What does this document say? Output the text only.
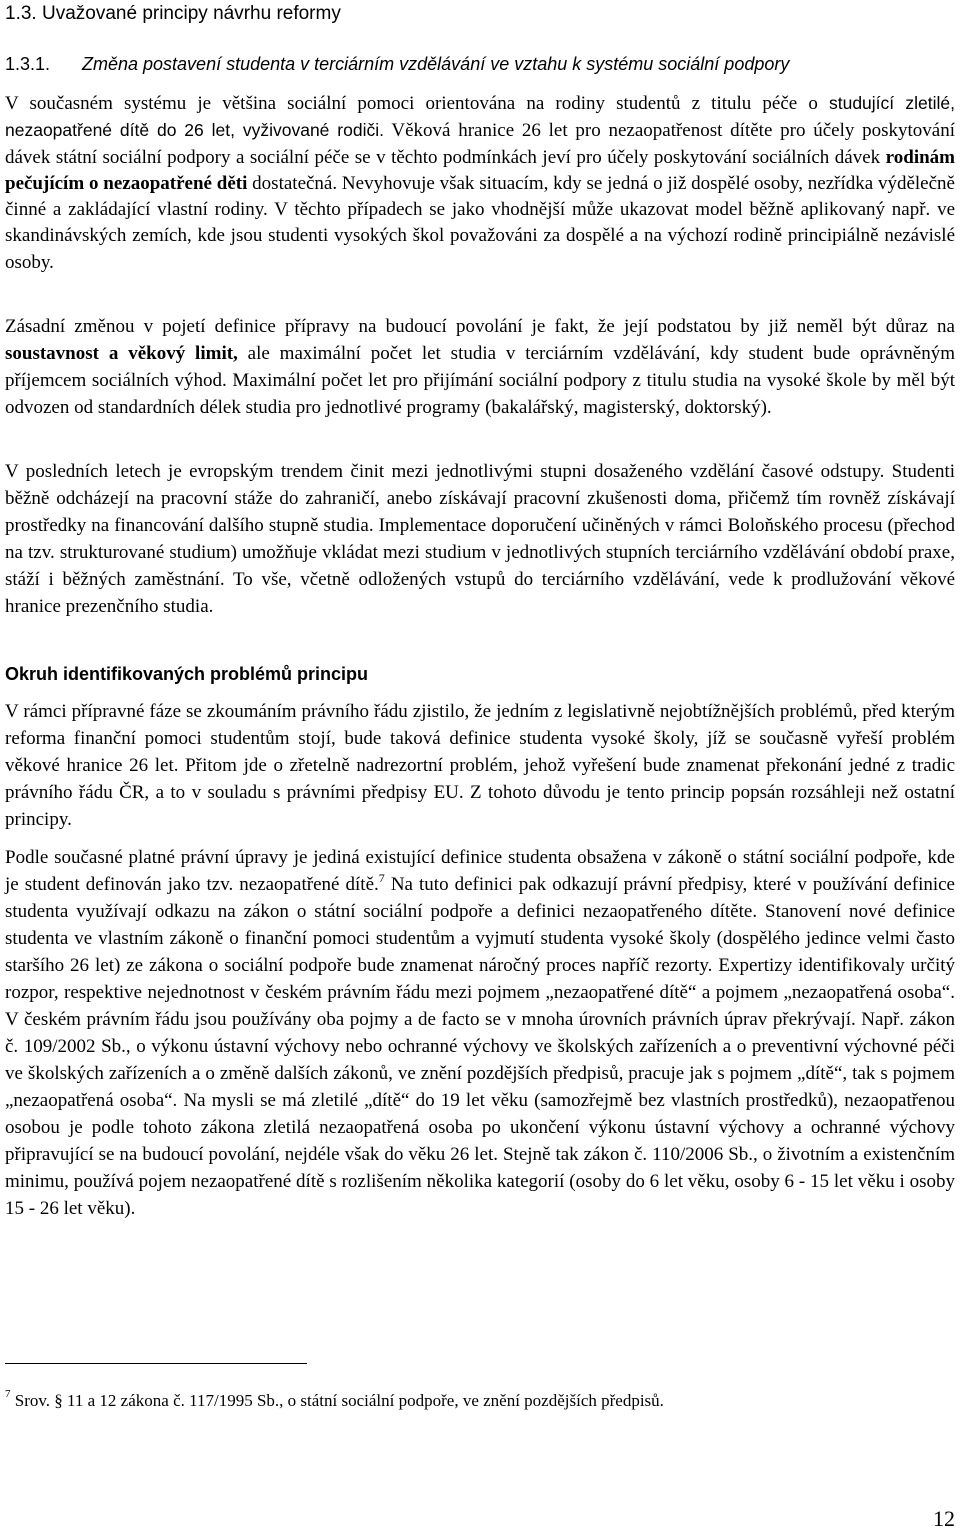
1.3. Uvažované principy návrhu reformy
1.3.1. Změna postavení studenta v terciárním vzdělávání ve vztahu k systému sociální podpory

V současném systému je většina sociální pomoci orientována na rodiny studentů z titulu péče o studující zletilé, nezaopatřené dítě do 26 let, vyživované rodiči. Věková hranice 26 let pro nezaopatřenost dítěte pro účely poskytování dávek státní sociální podpory a sociální péče se v těchto podmínkách jeví pro účely poskytování sociálních dávek rodinám pečujícím o nezaopatřené děti dostatečná. Nevyhovuje však situacím, kdy se jedná o již dospělé osoby, nezřídka výdělečně činné a zakládající vlastní rodiny. V těchto případech se jako vhodnější může ukazovat model běžně aplikovaný např. ve skandinávských zemích, kde jsou studenti vysokých škol považováni za dospělé a na výchozí rodině principiálně nezávislé osoby.

Zásadní změnou v pojetí definice přípravy na budoucí povolání je fakt, že její podstatou by již neměl být důraz na soustavnost a věkový limit, ale maximální počet let studia v terciárním vzdělávání, kdy student bude oprávněným příjemcem sociálních výhod. Maximální počet let pro přijímání sociální podpory z titulu studia na vysoké škole by měl být odvozen od standardních délek studia pro jednotlivé programy (bakalářský, magisterský, doktorský).

V posledních letech je evropským trendem činit mezi jednotlivými stupni dosaženého vzdělání časové odstupy. Studenti běžně odcházejí na pracovní stáže do zahraničí, anebo získávají pracovní zkušenosti doma, přičemž tím rovněž získávají prostředky na financování dalšího stupně studia. Implementace doporučení učiněných v rámci Boloňského procesu (přechod na tzv. strukturované studium) umožňuje vkládat mezi studium v jednotlivých stupních terciárního vzdělávání období praxe, stáží i běžných zaměstnání. To vše, včetně odložených vstupů do terciárního vzdělávání, vede k prodlužování věkové hranice prezenčního studia.

Okruh identifikovaných problémů principu

V rámci přípravné fáze se zkoumáním právního řádu zjistilo, že jedním z legislativně nejobtížnějších problémů, před kterým reforma finanční pomoci studentům stojí, bude taková definice studenta vysoké školy, jíž se současně vyřeší problém věkové hranice 26 let. Přitom jde o zřetelně nadrezortní problém, jehož vyřešení bude znamenat překonání jedné z tradic právního řádu ČR, a to v souladu s právními předpisy EU. Z tohoto důvodu je tento princip popsán rozsáhleji než ostatní principy.

Podle současné platné právní úpravy je jediná existující definice studenta obsažena v zákoně o státní sociální podpoře, kde je student definován jako tzv. nezaopatřené dítě.$^7$ Na tuto definici pak odkazují právní předpisy, které v používání definice studenta využívají odkazu na zákon o státní sociální podpoře a definici nezaopatřeného dítěte. Stanovení nové definice studenta ve vlastním zákoně o finanční pomoci studentům a vyjmutí studenta vysoké školy (dospělého jedince velmi často staršího 26 let) ze zákona o sociální podpoře bude znamenat náročný proces napříč rezorty. Expertizy identifikovaly určitý rozpor, respektive nejednotnost v českém právním řádu mezi pojmem „nezaopatřené dítě“ a pojmem „nezaopatřená osoba“. V českém právním řádu jsou používány oba pojmy a de facto se v mnoha úrovních právních úprav překrývají. Např. zákon č. 109/2002 Sb., o výkonu ústavní výchovy nebo ochranné výchovy ve školských zařízeních a o preventivní výchovné péči ve školských zařízeních a o změně dalších zákonů, ve znění pozdějších předpisů, pracuje jak s pojmem „dítě“, tak s pojmem „nezaopatřená osoba“. Na mysli se má zletilé „dítě“ do 19 let věku (samozřejmě bez vlastních prostředků), nezaopatřenou osobou je podle tohoto zákona zletilá nezaopatřená osoba po ukončení výkonu ústavní výchovy a ochranné výchovy připravující se na budoucí povolání, nejdéle však do věku 26 let. Stejně tak zákon č. 110/2006 Sb., o životním a existenčním minimu, používá pojem nezaopatřené dítě s rozlišením několika kategorií (osoby do 6 let věku, osoby 6 - 15 let věku i osoby 15 - 26 let věku).

$^7$ Srov. § 11 a 12 zákona č. 117/1995 Sb., o státní sociální podpoře, ve znění pozdějších předpisů.
12
